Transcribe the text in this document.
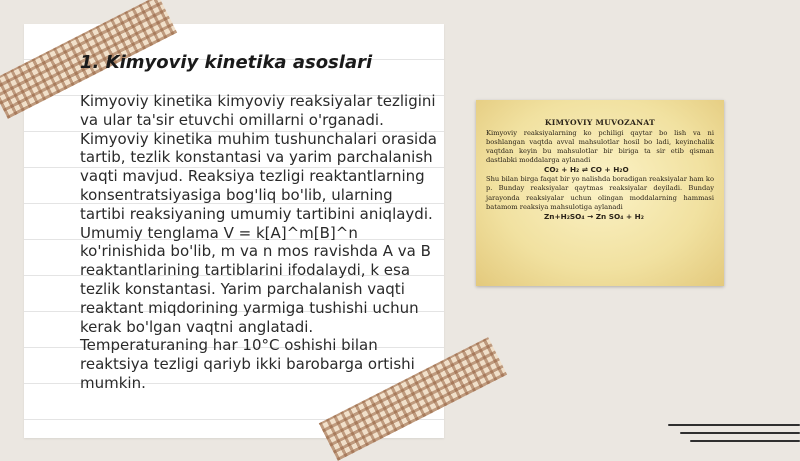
1. Kimyoviy kinetika asoslari

Kimyoviy kinetika kimyoviy reaksiyalar tezligini va ular ta'sir etuvchi omillarni o'rganadi. Kimyoviy kinetika muhim tushunchalari orasida tartib, tezlik konstantasi va yarim parchalanish vaqti mavjud. Reaksiya tezligi reaktantlarning konsentratsiyasiga bog'liq bo'lib, ularning tartibi reaksiyaning umumiy tartibini aniqlaydi. Umumiy tenglama V = k[A]^m[B]^n ko'rinishida bo'lib, m va n mos ravishda A va B reaktantlarining tartiblarini ifodalaydi, k esa tezlik konstantasi. Yarim parchalanish vaqti reaktant miqdorining yarmiga tushishi uchun kerak bo'lgan vaqtni anglatadi. Temperaturaning har 10°C oshishi bilan reaktsiya tezligi qariyb ikki barobarga ortishi mumkin.

KIMYOVIY MUVOZANAT

Kimyoviy reaksiyalarning ko pchiligi qaytar bo lish va ni boshlangan vaqtda avval mahsulotlar hosil bo ladi, keyinchalik vaqtdan keyin bu mahsulotlar bir biriga ta sir etib qisman dastlabki moddalarga aylanadi

CO₂ + H₂ ⇌ CO + H₂O

Shu bilan birga faqat bir yo nalishda boradigan reaksiyalar ham ko p. Bunday reaksiyalar qaytmas reaksiyalar deyiladi. Bunday jarayonda reaksiyalar uchun olingan moddalarning hammasi batamom reaksiya mahsulotiga aylanadi

Zn+H₂SO₄ → Zn SO₄ + H₂
